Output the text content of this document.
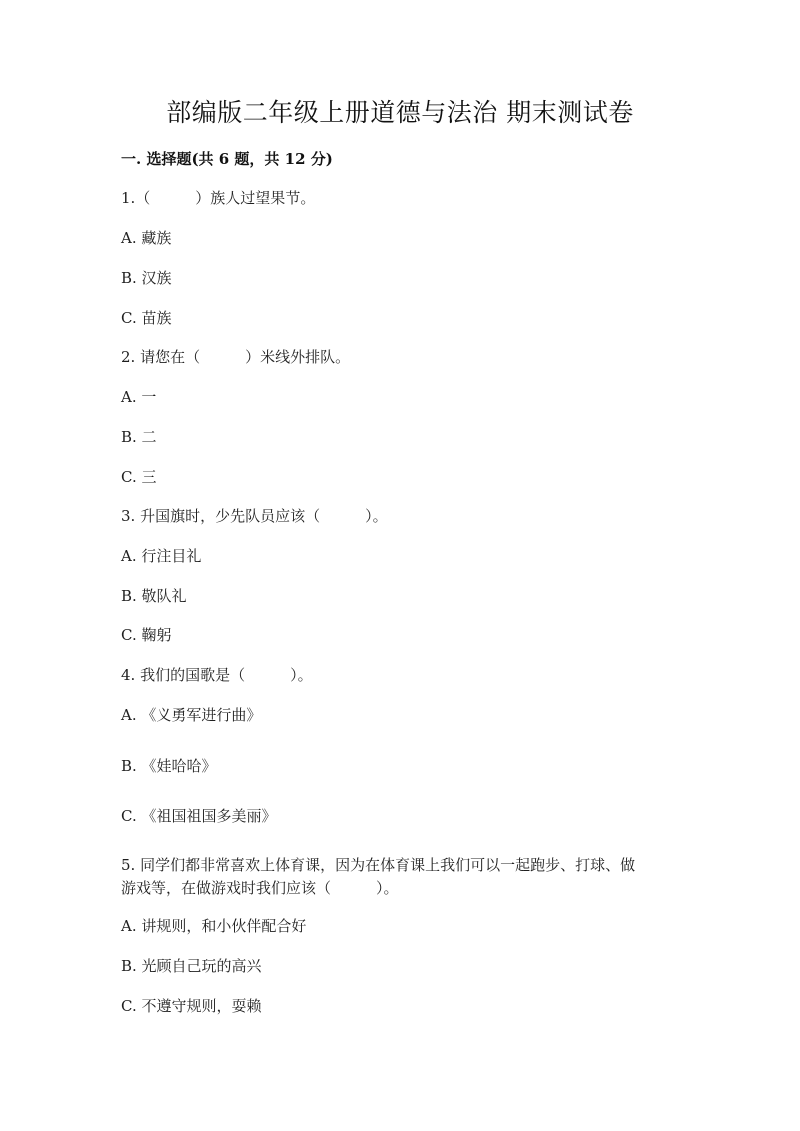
部编版二年级上册道德与法治 期末测试卷
一. 选择题(共 6 题，共 12 分)
1.（　　　）族人过望果节。
A. 藏族
B. 汉族
C. 苗族
2. 请您在（　　　）米线外排队。
A. 一
B. 二
C. 三
3. 升国旗时，少先队员应该（　　　）。
A. 行注目礼
B. 敬队礼
C. 鞠躬
4. 我们的国歌是（　　　）。
A. 《义勇军进行曲》
B. 《娃哈哈》
C. 《祖国祖国多美丽》
5. 同学们都非常喜欢上体育课，因为在体育课上我们可以一起跑步、打球、做
游戏等，在做游戏时我们应该（　　　）。
A. 讲规则，和小伙伴配合好
B. 光顾自己玩的高兴
C. 不遵守规则，耍赖
